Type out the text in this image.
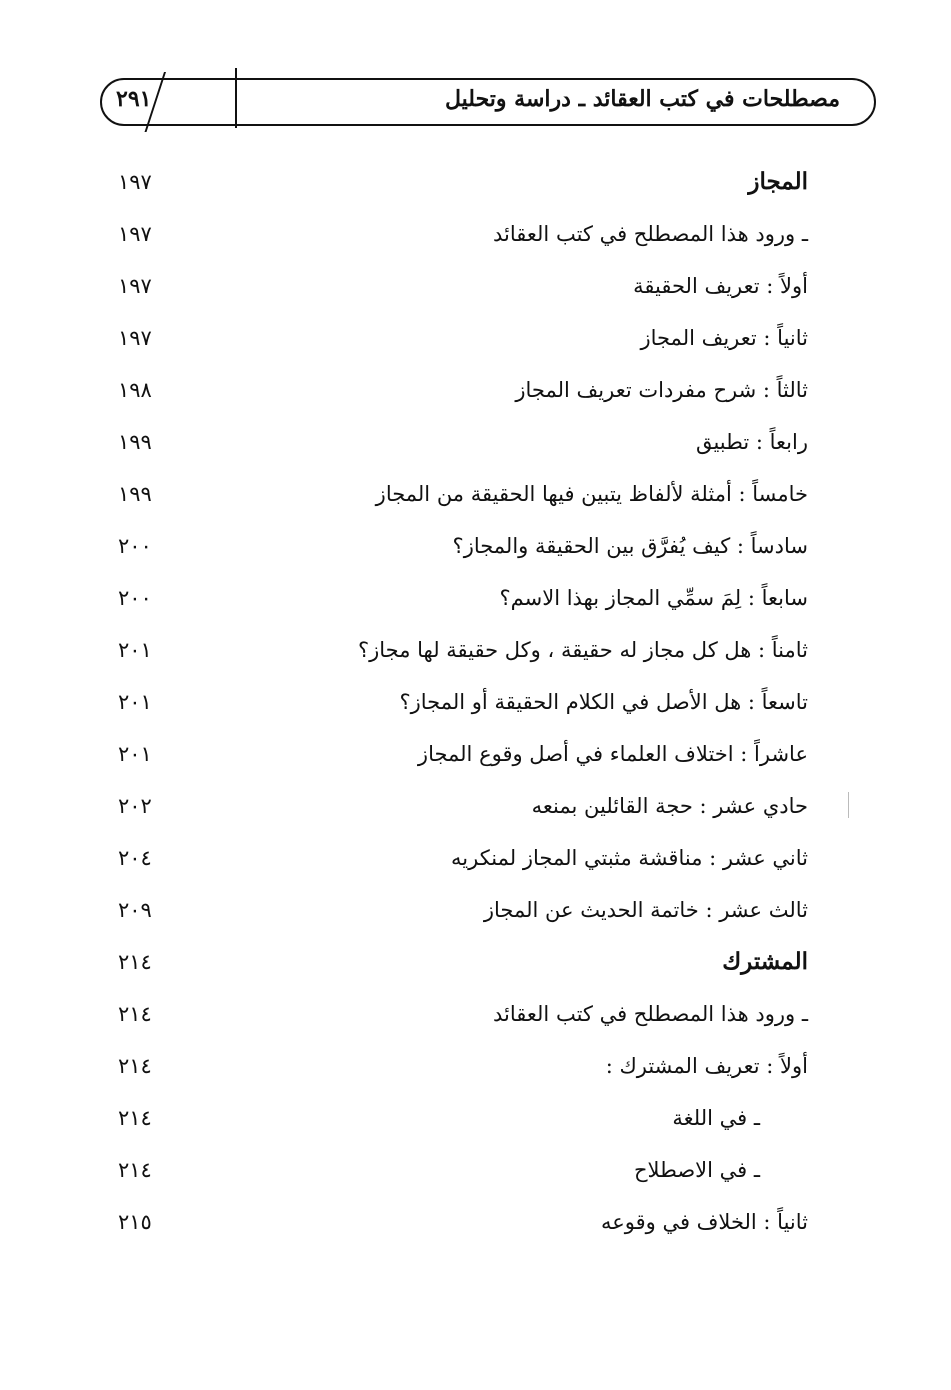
مصطلحات في كتب العقائد ـ دراسة وتحليل
٢٩١
المجاز
١٩٧
ـ ورود هذا المصطلح في كتب العقائد
١٩٧
أولاً : تعريف الحقيقة
١٩٧
ثانياً : تعريف المجاز
١٩٧
ثالثاً : شرح مفردات تعريف المجاز
١٩٨
رابعاً : تطبيق
١٩٩
خامساً : أمثلة لألفاظ يتبين فيها الحقيقة من المجاز
١٩٩
سادساً : كيف يُفرَّق بين الحقيقة والمجاز؟
٢٠٠
سابعاً : لِمَ سمِّي المجاز بهذا الاسم؟
٢٠٠
ثامناً : هل كل مجاز له حقيقة ، وكل حقيقة لها مجاز؟
٢٠١
تاسعاً : هل الأصل في الكلام الحقيقة أو المجاز؟
٢٠١
عاشراً : اختلاف العلماء في أصل وقوع المجاز
٢٠١
حادي عشر : حجة القائلين بمنعه
٢٠٢
ثاني عشر : مناقشة مثبتي المجاز لمنكريه
٢٠٤
ثالث عشر : خاتمة الحديث عن المجاز
٢٠٩
المشترك
٢١٤
ـ ورود هذا المصطلح في كتب العقائد
٢١٤
أولاً : تعريف المشترك :
٢١٤
ـ في اللغة
٢١٤
ـ في الاصطلاح
٢١٤
ثانياً : الخلاف في وقوعه
٢١٥
